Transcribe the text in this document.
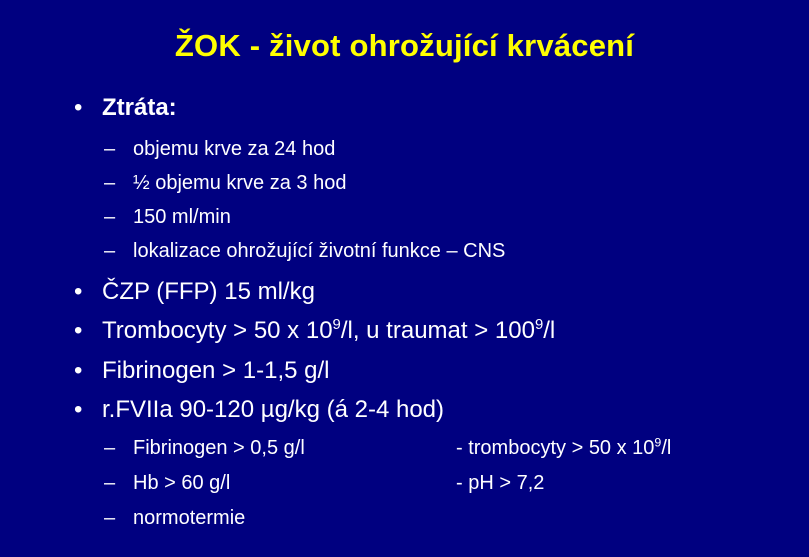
ŽOK - život ohrožující krvácení
• Ztráta:
– objemu krve za 24 hod
– ½ objemu krve za 3 hod
– 150 ml/min
– lokalizace ohrožující životní funkce – CNS
• ČZP (FFP) 15 ml/kg
• Trombocyty > 50 x $10^9/l$, u traumat > $100^9/l$
• Fibrinogen > 1-1,5 g/l
• r.FVIIa 90-120 µg/kg (á 2-4 hod)
– Fibrinogen > 0,5 g/l
– Hb > 60 g/l
– normotermie
- trombocyty > 50 x $10^9/l$
- pH > 7,2
